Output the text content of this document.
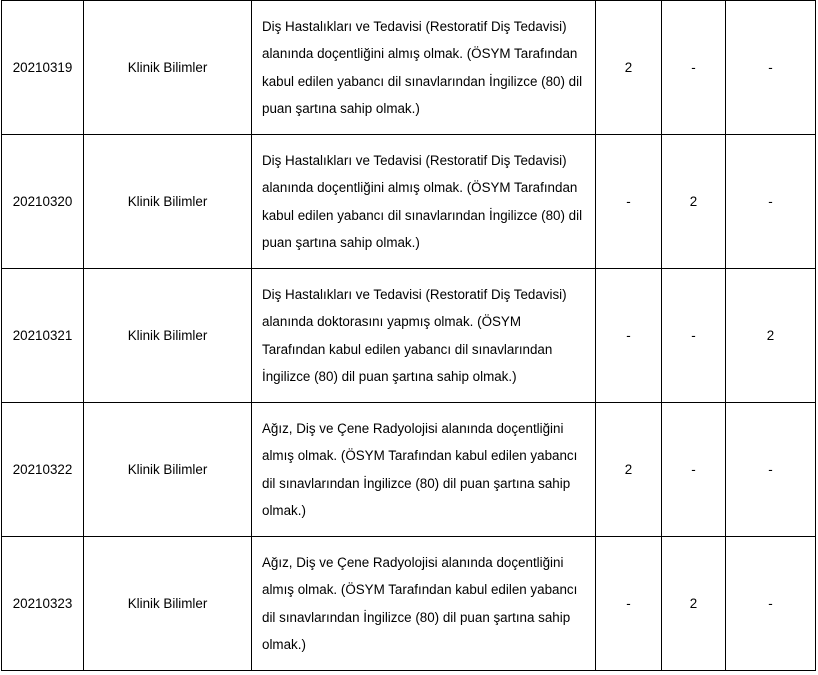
20210319	Klinik Bilimler	Diş Hastalıkları ve Tedavisi (Restoratif Diş Tedavisi)
alanında doçentliğini almış olmak. (ÖSYM Tarafından
kabul edilen yabancı dil sınavlarından İngilizce (80) dil
puan şartına sahip olmak.)	2	-	-
20210320	Klinik Bilimler	Diş Hastalıkları ve Tedavisi (Restoratif Diş Tedavisi)
alanında doçentliğini almış olmak. (ÖSYM Tarafından
kabul edilen yabancı dil sınavlarından İngilizce (80) dil
puan şartına sahip olmak.)	-	2	-
20210321	Klinik Bilimler	Diş Hastalıkları ve Tedavisi (Restoratif Diş Tedavisi)
alanında doktorasını yapmış olmak. (ÖSYM
Tarafından kabul edilen yabancı dil sınavlarından
İngilizce (80) dil puan şartına sahip olmak.)	-	-	2
20210322	Klinik Bilimler	Ağız, Diş ve Çene Radyolojisi alanında doçentliğini
almış olmak. (ÖSYM Tarafından kabul edilen yabancı
dil sınavlarından İngilizce (80) dil puan şartına sahip
olmak.)	2	-	-
20210323	Klinik Bilimler	Ağız, Diş ve Çene Radyolojisi alanında doçentliğini
almış olmak. (ÖSYM Tarafından kabul edilen yabancı
dil sınavlarından İngilizce (80) dil puan şartına sahip
olmak.)	-	2	-
